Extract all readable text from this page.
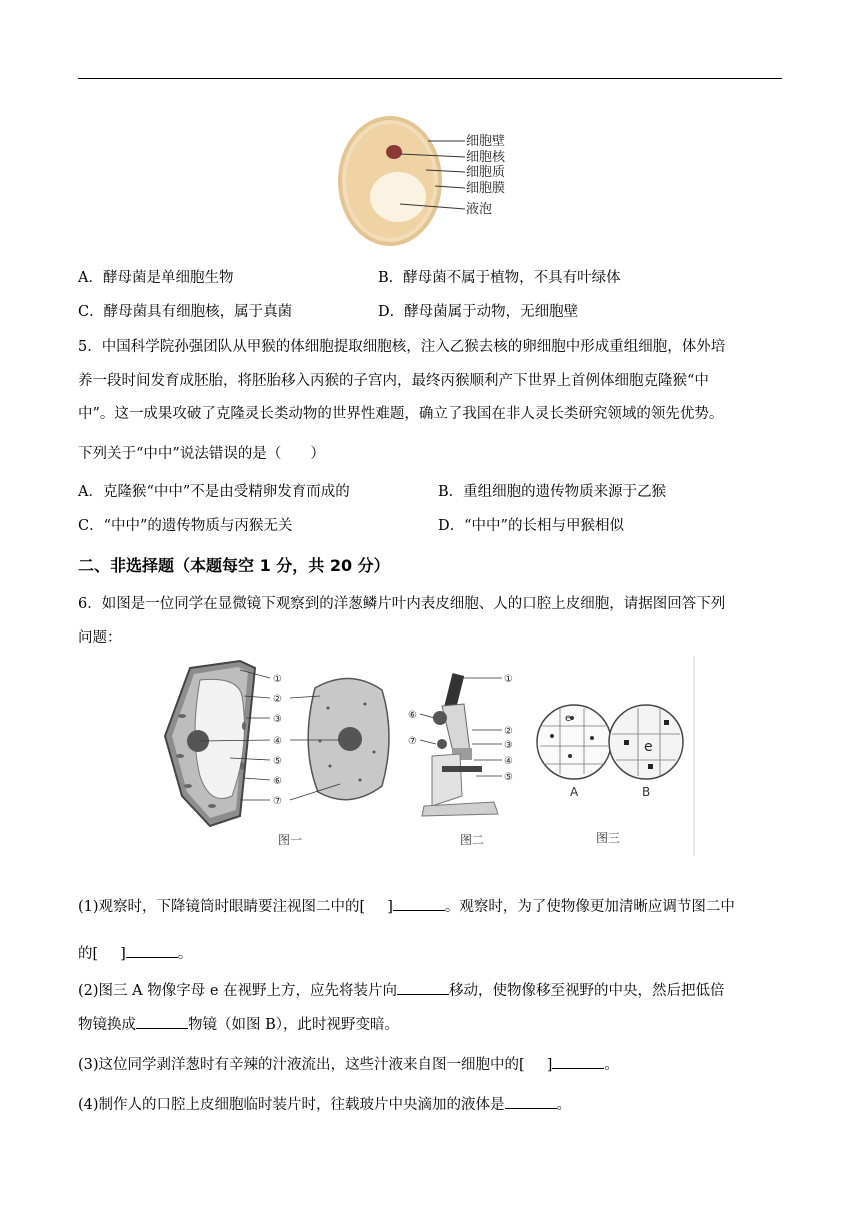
细胞壁
细胞核
细胞质
细胞膜
液泡
A．酵母菌是单细胞生物	B．酵母菌不属于植物，不具有叶绿体
C．酵母菌具有细胞核，属于真菌	D．酵母菌属于动物，无细胞壁
5．中国科学院孙强团队从甲猴的体细胞提取细胞核，注入乙猴去核的卵细胞中形成重组细胞，体外培
养一段时间发育成胚胎，将胚胎移入丙猴的子宫内，最终丙猴顺利产下世界上首例体细胞克隆猴“中
中”。这一成果攻破了克隆灵长类动物的世界性难题，确立了我国在非人灵长类研究领域的领先优势。
下列关于“中中”说法错误的是（　　）
A．克隆猴“中中”不是由受精卵发育而成的	B．重组细胞的遗传物质来源于乙猴
C．“中中”的遗传物质与丙猴无关	D．“中中”的长相与甲猴相似
二、非选择题（本题每空 1 分，共 20 分）
6．如图是一位同学在显微镜下观察到的洋葱鳞片叶内表皮细胞、人的口腔上皮细胞，请据图回答下列
问题：
①
②
③
④
⑤
⑥
⑦
图一
①
②
③
④
⑤
⑥
⑦
图二
e
e
A	B
图三
(1)观察时，下降镜筒时眼睛要注视图二中的[ ]	。观察时，为了使物像更加清晰应调节图二中
的[ ]	。
(2)图三 A 物像字母 e 在视野上方，应先将装片向	移动，使物像移至视野的中央，然后把低倍
物镜换成	物镜（如图 B），此时视野变暗。
(3)这位同学剥洋葱时有辛辣的汁液流出，这些汁液来自图一细胞中的[ ]	。
(4)制作人的口腔上皮细胞临时装片时，往载玻片中央滴加的液体是	。
